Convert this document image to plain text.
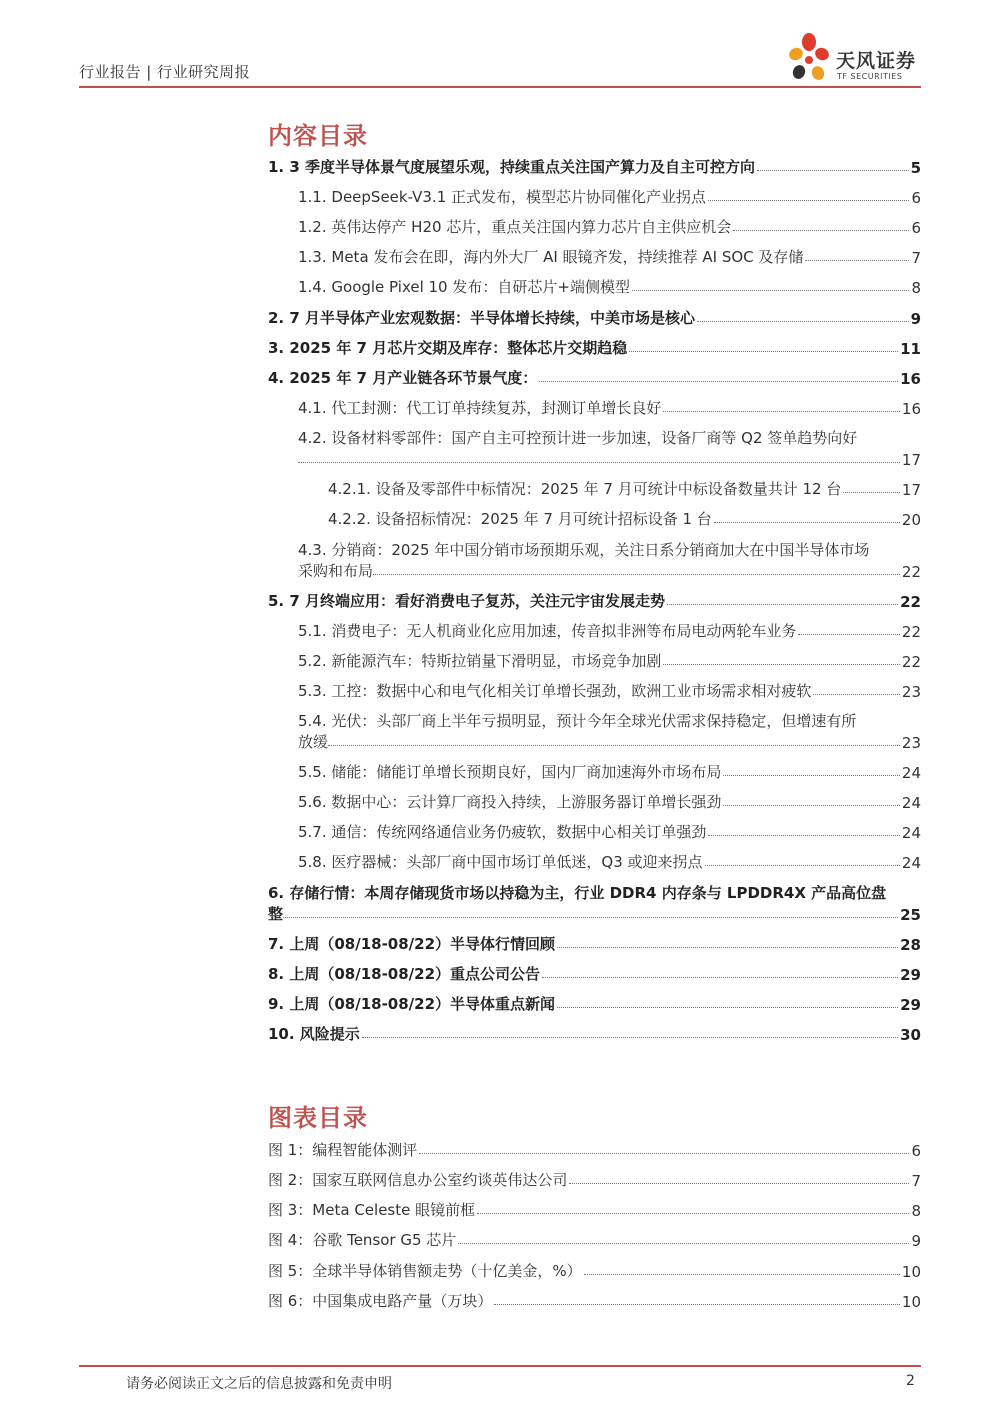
行业报告 | 行业研究周报	天风证券
TF SECURITIES
内容目录
1. 3 季度半导体景气度展望乐观，持续重点关注国产算力及自主可控方向	5
1.1. DeepSeek-V3.1 正式发布，模型芯片协同催化产业拐点	6
1.2. 英伟达停产 H20 芯片，重点关注国内算力芯片自主供应机会	6
1.3. Meta 发布会在即，海内外大厂 AI 眼镜齐发，持续推荐 AI SOC 及存储	7
1.4. Google Pixel 10 发布：自研芯片+端侧模型	8
2. 7 月半导体产业宏观数据：半导体增长持续，中美市场是核心	9
3. 2025 年 7 月芯片交期及库存：整体芯片交期趋稳	11
4. 2025 年 7 月产业链各环节景气度：	16
4.1. 代工封测：代工订单持续复苏，封测订单增长良好	16
4.2. 设备材料零部件：国产自主可控预计进一步加速，设备厂商等 Q2 签单趋势向好
17
4.2.1. 设备及零部件中标情况：2025 年 7 月可统计中标设备数量共计 12 台	17
4.2.2. 设备招标情况：2025 年 7 月可统计招标设备 1 台	20
4.3. 分销商：2025 年中国分销市场预期乐观，关注日系分销商加大在中国半导体市场
采购和布局	22
5. 7 月终端应用：看好消费电子复苏，关注元宇宙发展走势	22
5.1. 消费电子：无人机商业化应用加速，传音拟非洲等布局电动两轮车业务	22
5.2. 新能源汽车：特斯拉销量下滑明显，市场竞争加剧	22
5.3. 工控：数据中心和电气化相关订单增长强劲，欧洲工业市场需求相对疲软	23
5.4. 光伏：头部厂商上半年亏损明显，预计今年全球光伏需求保持稳定，但增速有所
放缓	23
5.5. 储能：储能订单增长预期良好，国内厂商加速海外市场布局	24
5.6. 数据中心：云计算厂商投入持续，上游服务器订单增长强劲	24
5.7. 通信：传统网络通信业务仍疲软，数据中心相关订单强劲	24
5.8. 医疗器械：头部厂商中国市场订单低迷，Q3 或迎来拐点	24
6. 存储行情：本周存储现货市场以持稳为主，行业 DDR4 内存条与 LPDDR4X 产品高位盘
整	25
7. 上周（08/18-08/22）半导体行情回顾	28
8. 上周（08/18-08/22）重点公司公告	29
9. 上周（08/18-08/22）半导体重点新闻	29
10. 风险提示	30
图表目录
图 1：编程智能体测评	6
图 2：国家互联网信息办公室约谈英伟达公司	7
图 3：Meta Celeste 眼镜前框	8
图 4：谷歌 Tensor G5 芯片	9
图 5：全球半导体销售额走势（十亿美金，%）	10
图 6：中国集成电路产量（万块）	10
请务必阅读正文之后的信息披露和免责申明	2
